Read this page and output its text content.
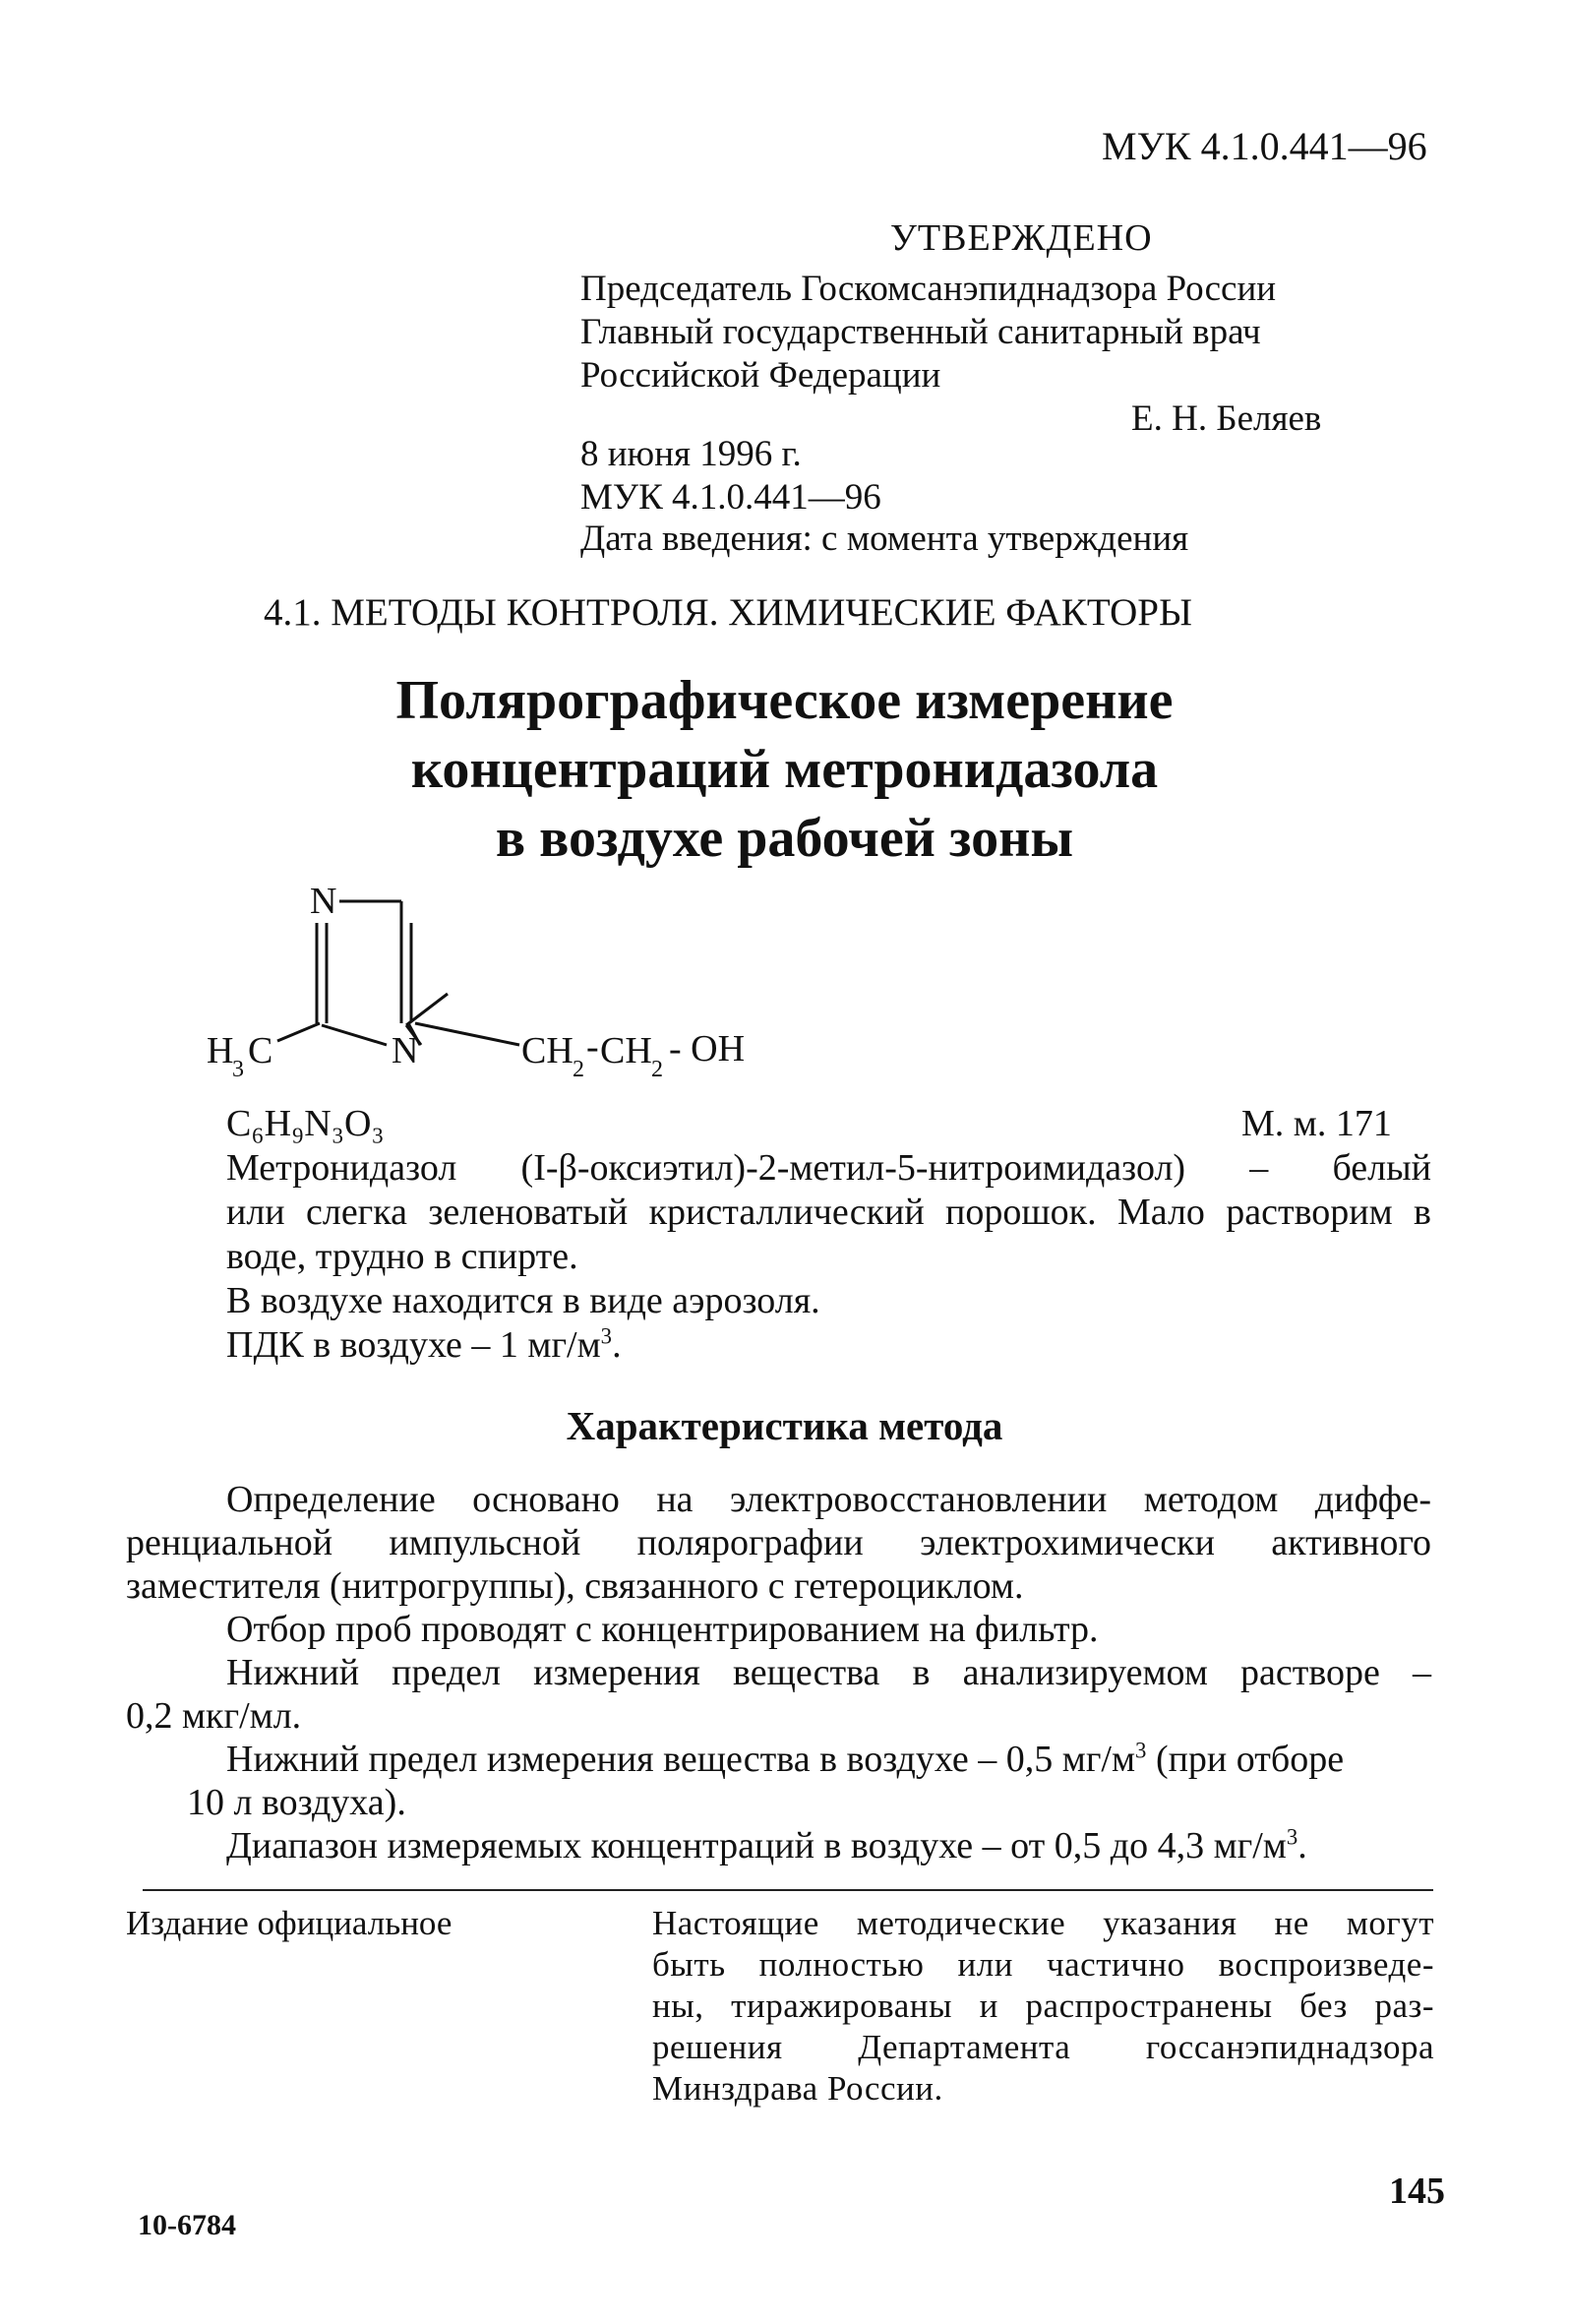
МУК 4.1.0.441—96
УТВЕРЖДЕНО
Председатель Госкомсанэпиднадзора России
Главный государственный санитарный врач
Российской Федерации
Е. Н. Беляев
8 июня 1996 г.
МУК 4.1.0.441—96
Дата введения: с момента утверждения
4.1. МЕТОДЫ КОНТРОЛЯ. ХИМИЧЕСКИЕ ФАКТОРЫ
Полярографическое измерение
концентраций метронидазола
в воздухе рабочей зоны
N
H
3 C	N	CH 2
- CH 2 - OH
C₆H₉N₃O₃	М. м. 171
Метронидазол (I-β-оксиэтил)-2-метил-5-нитроимидазол) – белый
или слегка зеленоватый кристаллический порошок. Мало растворим в
воде, трудно в спирте.
В воздухе находится в виде аэрозоля.
ПДК в воздухе – 1 $мг/м^3$.
Характеристика метода
Определение основано на электровосстановлении методом диффе-
ренциальной импульсной полярографии электрохимически активного
заместителя (нитрогруппы), связанного с гетероциклом.
Отбор проб проводят с концентрированием на фильтр.
Нижний предел измерения вещества в анализируемом растворе –
0,2 мкг/мл.
Нижний предел измерения вещества в воздухе – 0,5 $мг/м^3$ (при отборе
10 л воздуха).
Диапазон измеряемых концентраций в воздухе – от 0,5 до 4,3 $мг/м^3$.
Издание официальное	Настоящие методические указания не могут
быть полностью или частично воспроизведе-
ны, тиражированы и распространены без раз-
решения Департамента госсанэпиднадзора
Минздрава России.
145
10-6784
